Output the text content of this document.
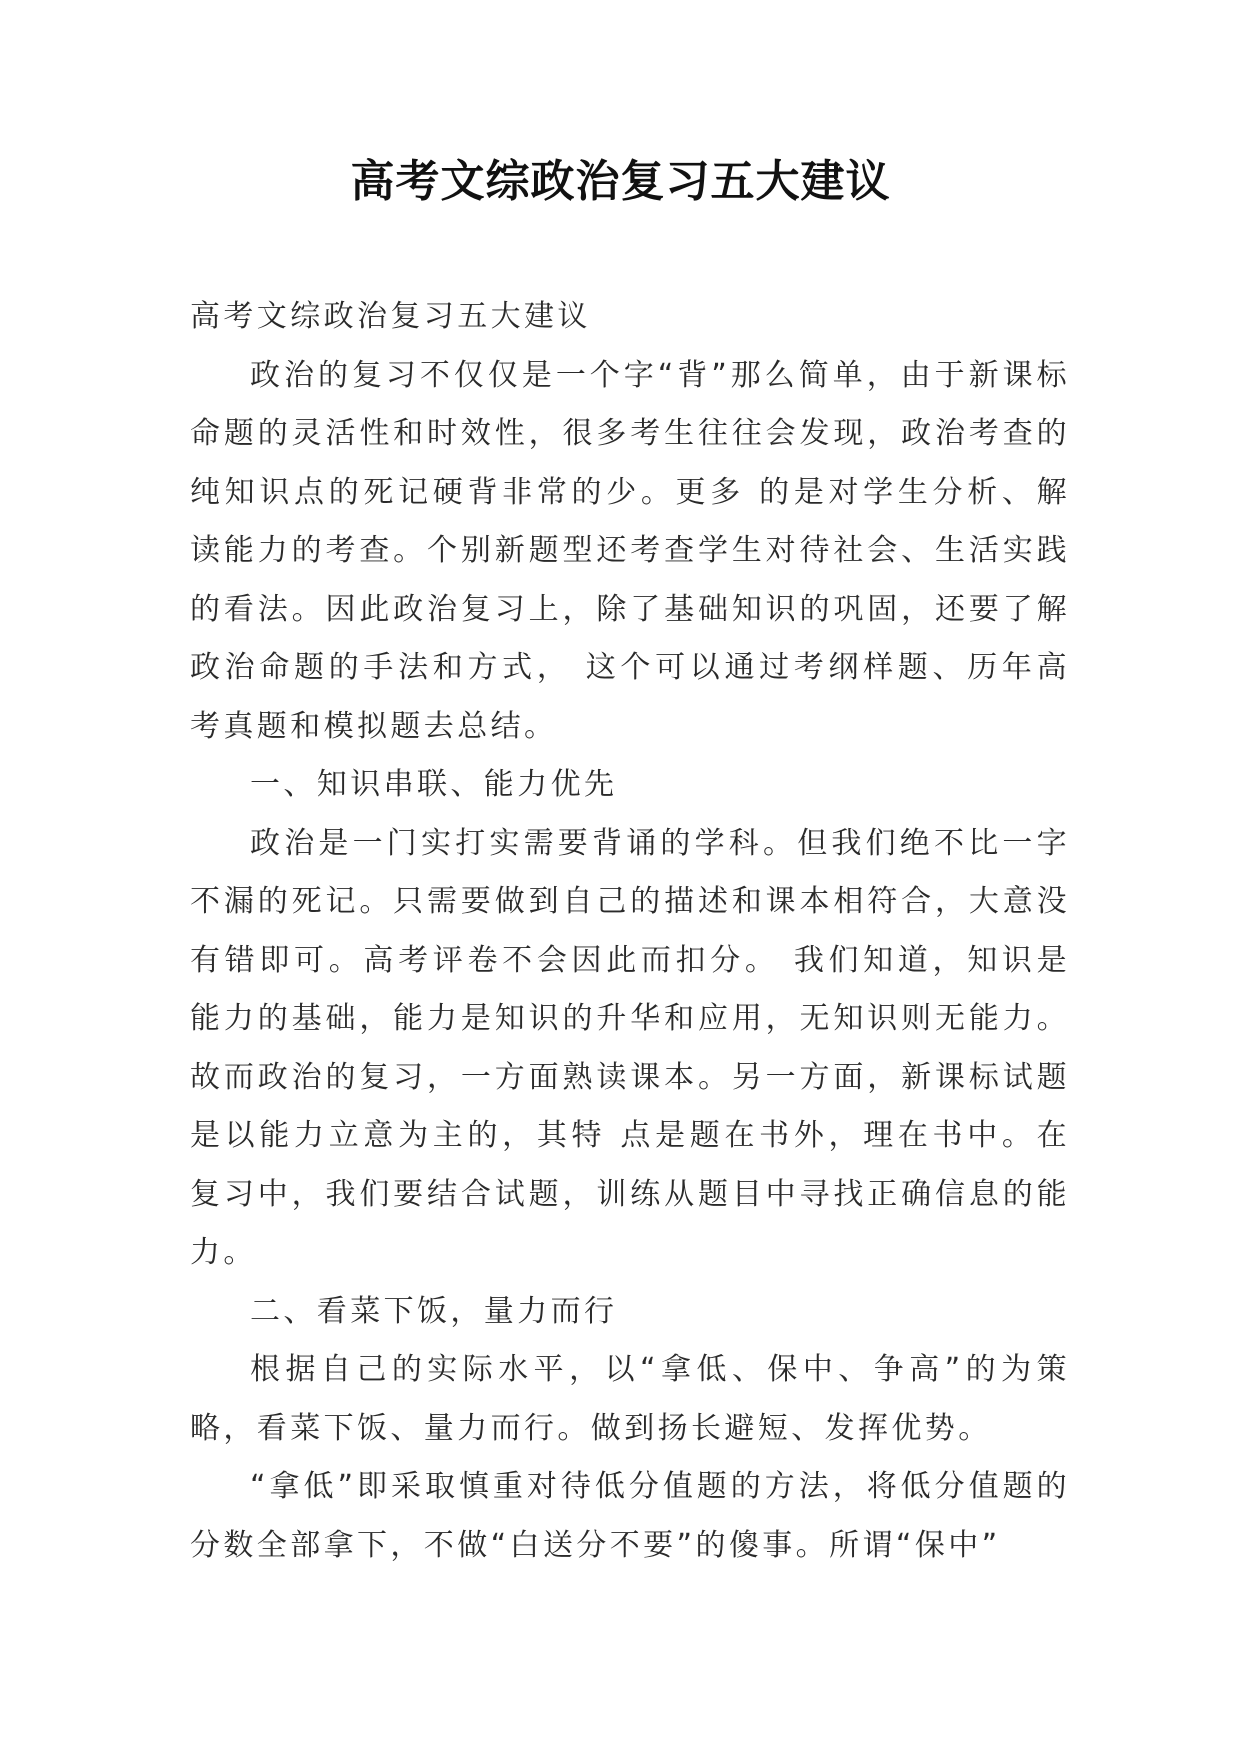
高考文综政治复习五大建议

高考文综政治复习五大建议

政治的复习不仅仅是一个字“背”那么简单，由于新课标命题的灵活性和时效性，很多考生往往会发现，政治考查的纯知识点的死记硬背非常的少。更多 的是对学生分析、解读能力的考查。个别新题型还考查学生对待社会、生活实践的看法。因此政治复习上，除了基础知识的巩固，还要了解政治命题的手法和方式， 这个可以通过考纲样题、历年高考真题和模拟题去总结。

一、知识串联、能力优先

政治是一门实打实需要背诵的学科。但我们绝不比一字不漏的死记。只需要做到自己的描述和课本相符合，大意没有错即可。高考评卷不会因此而扣分。 我们知道，知识是能力的基础，能力是知识的升华和应用，无知识则无能力。故而政治的复习，一方面熟读课本。另一方面，新课标试题是以能力立意为主的，其特 点是题在书外，理在书中。在复习中，我们要结合试题，训练从题目中寻找正确信息的能力。

二、看菜下饭，量力而行

根据自己的实际水平，以“拿低、保中、争高”的为策略，看菜下饭、量力而行。做到扬长避短、发挥优势。

“拿低”即采取慎重对待低分值题的方法，将低分值题的分数全部拿下，不做“白送分不要”的傻事。所谓“保中”
